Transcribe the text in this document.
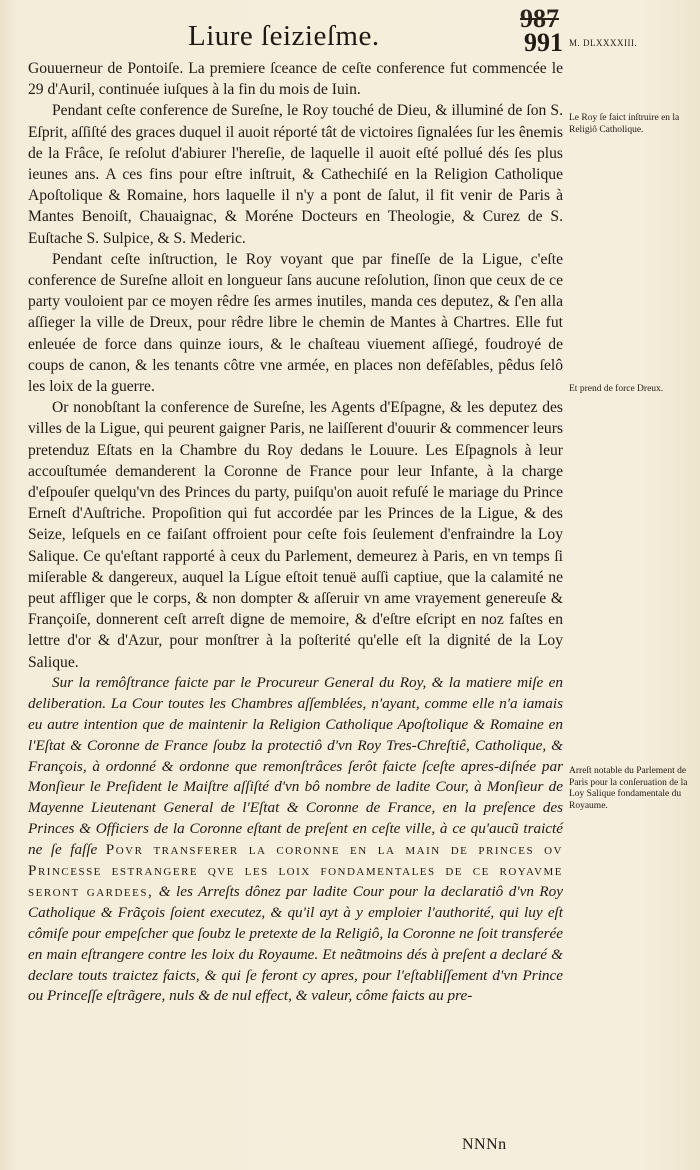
Liure ſeizieſme.
987
991 M. DLXXXXIII.

Gouuerneur de Pontoiſe. La premiere ſceance de ceſte conference fut commencée le 29 d'Auril, continuée iuſques à la fin du mois de Iuin.

Pendant ceſte conference de Sureſne, le Roy touché de Dieu, & illuminé de ſon S. Eſprit, aſſiſté des graces duquel il auoit réporté tât de victoires ſignalées ſur les ênemis de la Frâce, ſe reſolut d'abiurer l'hereſie, de laquelle il auoit eſté pollué dés ſes plus ieunes ans. A ces fins pour eſtre inſtruit, & Cathechiſé en la Religion Catholique Apoſtolique & Romaine, hors laquelle il n'y a pont de ſalut, il fit venir de Paris à Mantes Benoiſt, Chauaignac, & Moréne Docteurs en Theologie, & Curez de S. Euſtache S. Sulpice, & S. Mederic.

Pendant ceſte inſtruction, le Roy voyant que par fineſſe de la Ligue, c'eſte conference de Sureſne alloit en longueur ſans aucune reſolution, ſinon que ceux de ce party vouloient par ce moyen rêdre ſes armes inutiles, manda ces deputez, & ſ'en alla aſſieger la ville de Dreux, pour rêdre libre le chemin de Mantes à Chartres. Elle fut enleuée de force dans quinze iours, & le chaſteau viuement aſſiegé, foudroyé de coups de canon, & les tenants côtre vne armée, en places non defēſables, pêdus ſelô les loix de la guerre.

Or nonobſtant la conference de Sureſne, les Agents d'Eſpagne, & les deputez des villes de la Ligue, qui peurent gaigner Paris, ne laiſſerent d'ouurir & commencer leurs pretenduz Eſtats en la Chambre du Roy dedans le Louure. Les Eſpagnols à leur accouſtumée demanderent la Coronne de France pour leur Infante, à la charge d'eſpouſer quelqu'vn des Princes du party, puiſqu'on auoit refuſé le mariage du Prince Erneſt d'Auſtriche. Propoſition qui fut accordée par les Princes de la Ligue, & des Seize, leſquels en ce faiſant offroient pour ceſte fois ſeulement d'enfraindre la Loy Salique. Ce qu'eſtant rapporté à ceux du Parlement, demeurez à Paris, en vn temps ſi miſerable & dangereux, auquel la Lígue eſtoit tenuë auſſi captiue, que la calamité ne peut affliger que le corps, & non dompter & aſſeruir vn ame vrayement genereuſe & Françoiſe, donnerent ceſt arreſt digne de memoire, & d'eſtre eſcript en noz faſtes en lettre d'or & d'Azur, pour monſtrer à la poſterité qu'elle eſt la dignité de la Loy Salique.

Sur la remôſtrance faicte par le Procureur General du Roy, & la matiere miſe en deliberation. La Cour toutes les Chambres aſſemblées, n'ayant, comme elle n'a iamais eu autre intention que de maintenir la Religion Catholique Apoſtolique & Romaine en l'Eſtat & Coronne de France ſoubz la protectiô d'vn Roy Tres-Chreſtiê, Catholique, & François, à ordonné & ordonne que remonſtrâces ſerôt faicte ſceſte apres-diſnée par Monſieur le Preſident le Maiſtre aſſiſté d'vn bô nombre de ladite Cour, à Monſieur de Mayenne Lieutenant General de l'Eſtat & Coronne de France, en la preſence des Princes & Officiers de la Coronne eſtant de preſent en ceſte ville, à ce qu'aucũ traicté ne ſe faſſe Povr transferer la coronne en la main de princes ov Princesse estrangere qve les loix fondamentales de ce royavme seront gardees, & les Arreſts dônez par ladite Cour pour la declaratiô d'vn Roy Catholique & Frãçois ſoient executez, & qu'il ayt à y emploier l'authorité, qui luy eſt cômiſe pour empeſcher que ſoubz le pretexte de la Religiô, la Coronne ne ſoit transferée en main eſtrangere contre les loix du Royaume. Et neãtmoins dés à preſent a declaré & declare touts traictez faicts, & qui ſe feront cy apres, pour l'eſtabliſſement d'vn Prince ou Princeſſe eſtrãgere, nuls & de nul effect, & valeur, côme faicts au pre-

Le Roy ſe faict inſtruire en la Religiô Catholique.
Et prend de force Dreux.
Arreſt notable du Parlement de Paris pour la conſeruation de la Loy Salique fondamentale du Royaume.
NNNn
